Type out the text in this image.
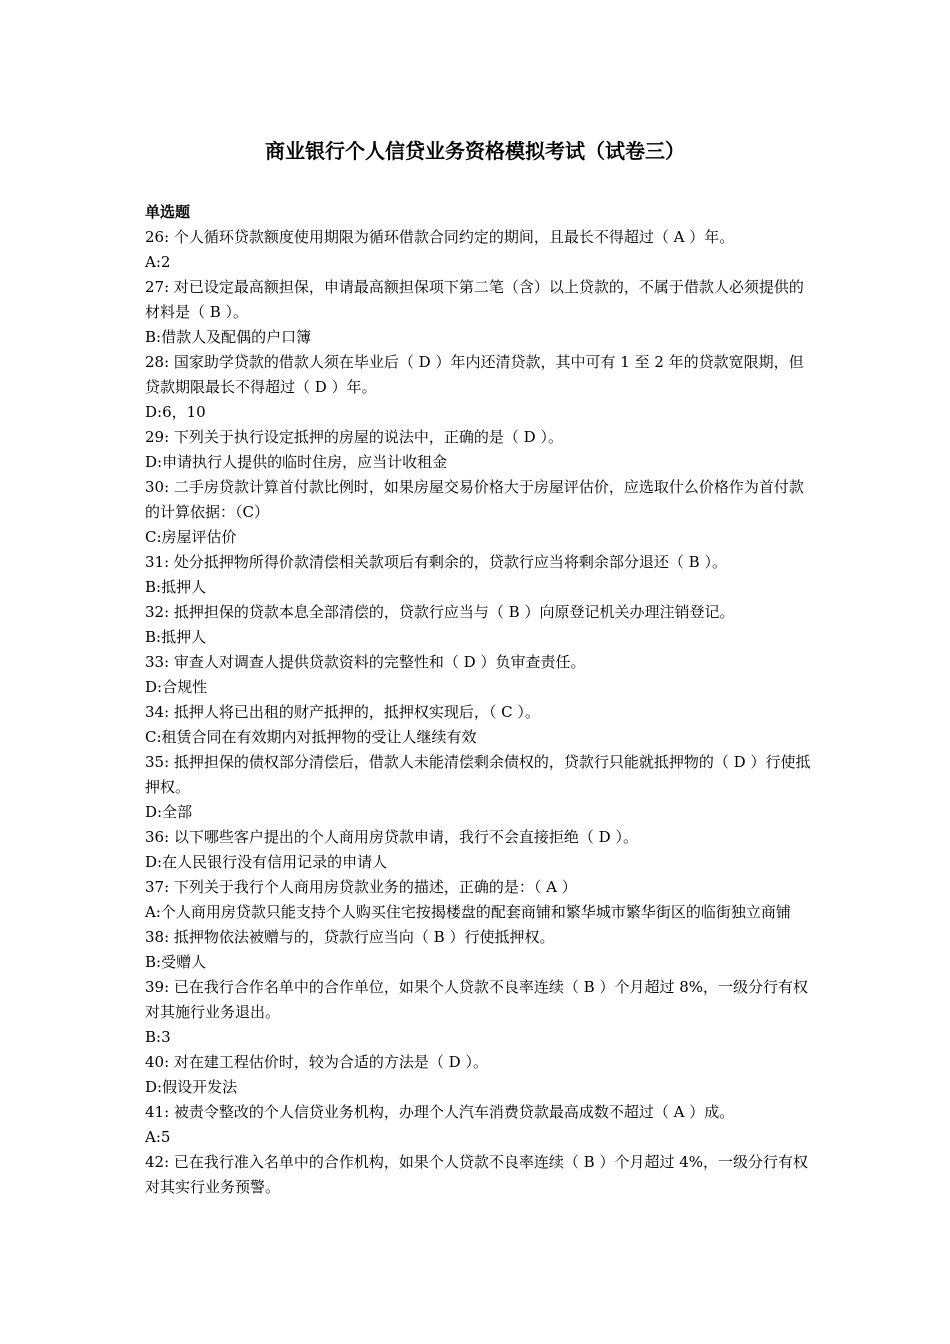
商业银行个人信贷业务资格模拟考试（试卷三）
单选题

26: 个人循环贷款额度使用期限为循环借款合同约定的期间，且最长不得超过（ A ）年。

A:2

27: 对已设定最高额担保，申请最高额担保项下第二笔（含）以上贷款的，不属于借款人必须提供的材料是（ B ）。

B:借款人及配偶的户口簿

28: 国家助学贷款的借款人须在毕业后（ D ）年内还清贷款，其中可有 1 至 2 年的贷款宽限期，但贷款期限最长不得超过（ D ）年。

D:6，10

29: 下列关于执行设定抵押的房屋的说法中，正确的是（ D ）。

D:申请执行人提供的临时住房，应当计收租金

30: 二手房贷款计算首付款比例时，如果房屋交易价格大于房屋评估价，应选取什么价格作为首付款的计算依据：（C）

C:房屋评估价

31: 处分抵押物所得价款清偿相关款项后有剩余的，贷款行应当将剩余部分退还（ B ）。

B:抵押人

32: 抵押担保的贷款本息全部清偿的，贷款行应当与（ B ）向原登记机关办理注销登记。

B:抵押人

33: 审查人对调查人提供贷款资料的完整性和（ D ）负审查责任。

D:合规性

34: 抵押人将已出租的财产抵押的，抵押权实现后，（ C ）。

C:租赁合同在有效期内对抵押物的受让人继续有效

35: 抵押担保的债权部分清偿后，借款人未能清偿剩余债权的，贷款行只能就抵押物的（ D ）行使抵押权。

D:全部

36: 以下哪些客户提出的个人商用房贷款申请，我行不会直接拒绝（ D ）。

D:在人民银行没有信用记录的申请人

37: 下列关于我行个人商用房贷款业务的描述，正确的是：（ A ）

A:个人商用房贷款只能支持个人购买住宅按揭楼盘的配套商铺和繁华城市繁华街区的临街独立商铺

38: 抵押物依法被赠与的，贷款行应当向（ B ）行使抵押权。

B:受赠人

39: 已在我行合作名单中的合作单位，如果个人贷款不良率连续（ B ）个月超过 8%，一级分行有权对其施行业务退出。

B:3

40: 对在建工程估价时，较为合适的方法是（ D ）。

D:假设开发法

41: 被责令整改的个人信贷业务机构，办理个人汽车消费贷款最高成数不超过（ A ）成。

A:5

42: 已在我行准入名单中的合作机构，如果个人贷款不良率连续（ B ）个月超过 4%，一级分行有权对其实行业务预警。
